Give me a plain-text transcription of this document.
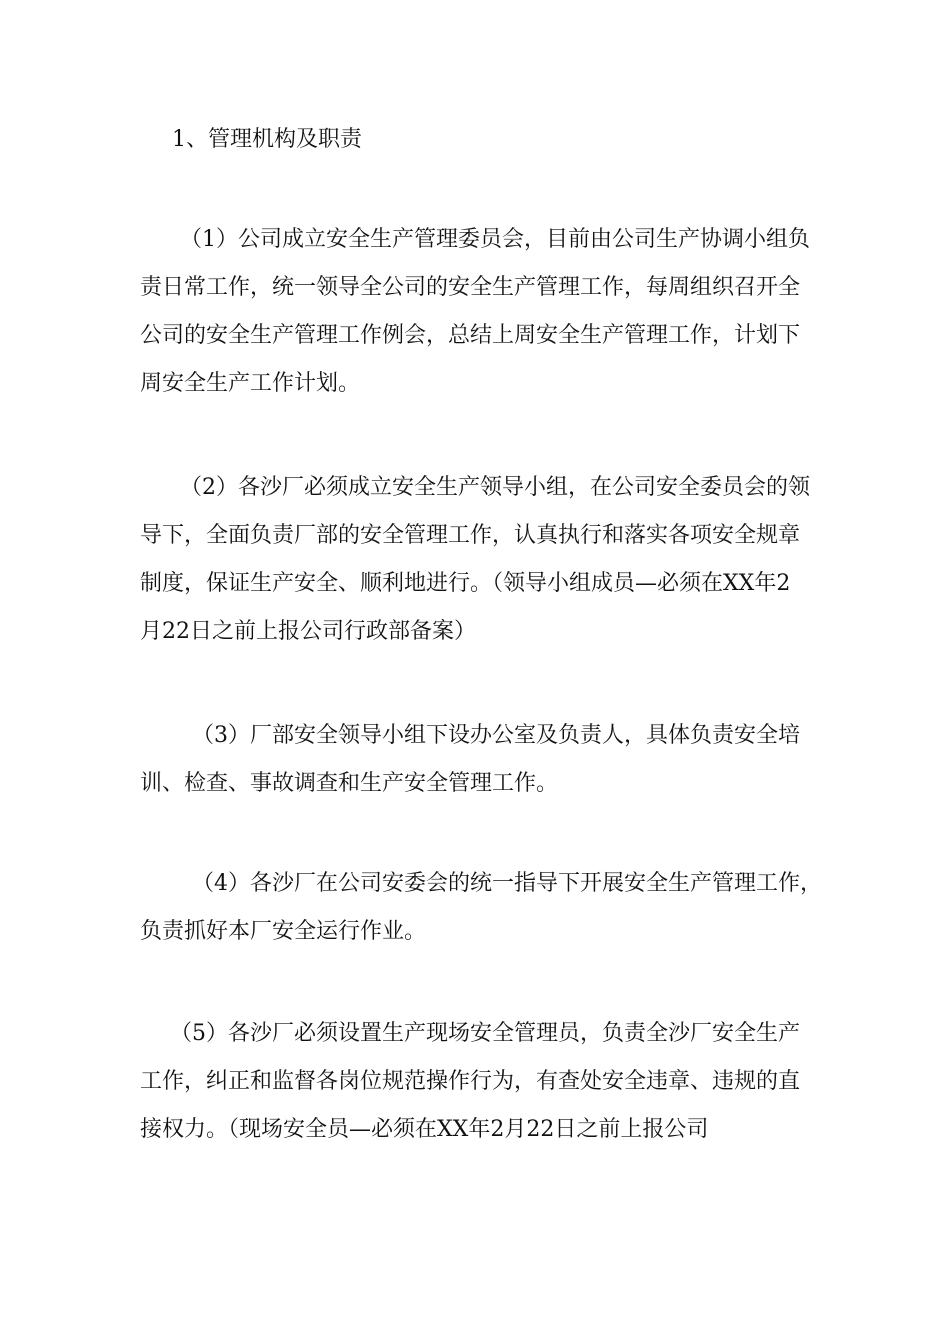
1、管理机构及职责
（1）公司成立安全生产管理委员会，目前由公司生产协调小组负
责日常工作，统一领导全公司的安全生产管理工作，每周组织召开全
公司的安全生产管理工作例会，总结上周安全生产管理工作，计划下
周安全生产工作计划。
（2）各沙厂必须成立安全生产领导小组，在公司安全委员会的领
导下，全面负责厂部的安全管理工作，认真执行和落实各项安全规章
制度，保证生产安全、顺利地进行。（领导小组成员—必须在XX年2
月22日之前上报公司行政部备案）
（3）厂部安全领导小组下设办公室及负责人，具体负责安全培
训、检查、事故调查和生产安全管理工作。
（4）各沙厂在公司安委会的统一指导下开展安全生产管理工作，
负责抓好本厂安全运行作业。
（5）各沙厂必须设置生产现场安全管理员，负责全沙厂安全生产
工作，纠正和监督各岗位规范操作行为，有查处安全违章、违规的直
接权力。（现场安全员—必须在XX年2月22日之前上报公司
